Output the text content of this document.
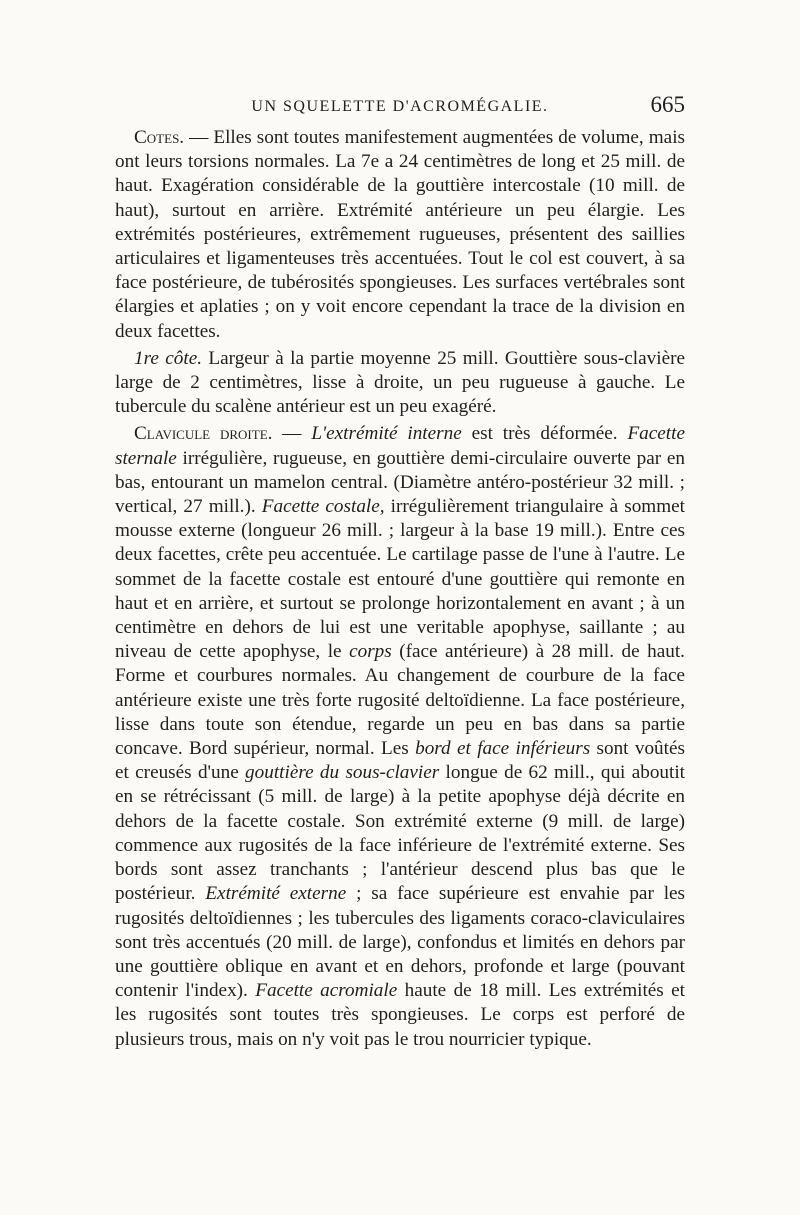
UN SQUELETTE D'ACROMÉGALIE.	665

Cotes. — Elles sont toutes manifestement augmentées de volume, mais ont leurs torsions normales. La 7e a 24 centimètres de long et 25 mill. de haut. Exagération considérable de la gouttière intercostale (10 mill. de haut), surtout en arrière. Extrémité antérieure un peu élargie. Les extrémités postérieures, extrêmement rugueuses, présentent des saillies articulaires et ligamenteuses très accentuées. Tout le col est couvert, à sa face postérieure, de tubérosités spongieuses. Les surfaces vertébrales sont élargies et aplaties ; on y voit encore cependant la trace de la division en deux facettes.

1re côte. Largeur à la partie moyenne 25 mill. Gouttière sous-clavière large de 2 centimètres, lisse à droite, un peu rugueuse à gauche. Le tubercule du scalène antérieur est un peu exagéré.

Clavicule droite. — L'extrémité interne est très déformée. Facette sternale irrégulière, rugueuse, en gouttière demi-circulaire ouverte par en bas, entourant un mamelon central. (Diamètre antéro-postérieur 32 mill. ; vertical, 27 mill.). Facette costale, irrégulièrement triangulaire à sommet mousse externe (longueur 26 mill. ; largeur à la base 19 mill.). Entre ces deux facettes, crête peu accentuée. Le cartilage passe de l'une à l'autre. Le sommet de la facette costale est entouré d'une gouttière qui remonte en haut et en arrière, et surtout se prolonge horizontalement en avant ; à un centimètre en dehors de lui est une veritable apophyse, saillante ; au niveau de cette apophyse, le corps (face antérieure) à 28 mill. de haut. Forme et courbures normales. Au changement de courbure de la face antérieure existe une très forte rugosité deltoïdienne. La face postérieure, lisse dans toute son étendue, regarde un peu en bas dans sa partie concave. Bord supérieur, normal. Les bord et face inférieurs sont voûtés et creusés d'une gouttière du sous-clavier longue de 62 mill., qui aboutit en se rétrécissant (5 mill. de large) à la petite apophyse déjà décrite en dehors de la facette costale. Son extrémité externe (9 mill. de large) commence aux rugosités de la face inférieure de l'extrémité externe. Ses bords sont assez tranchants ; l'antérieur descend plus bas que le postérieur. Extrémité externe ; sa face supérieure est envahie par les rugosités deltoïdiennes ; les tubercules des ligaments coraco-claviculaires sont très accentués (20 mill. de large), confondus et limités en dehors par une gouttière oblique en avant et en dehors, profonde et large (pouvant contenir l'index). Facette acromiale haute de 18 mill. Les extrémités et les rugosités sont toutes très spongieuses. Le corps est perforé de plusieurs trous, mais on n'y voit pas le trou nourricier typique.
